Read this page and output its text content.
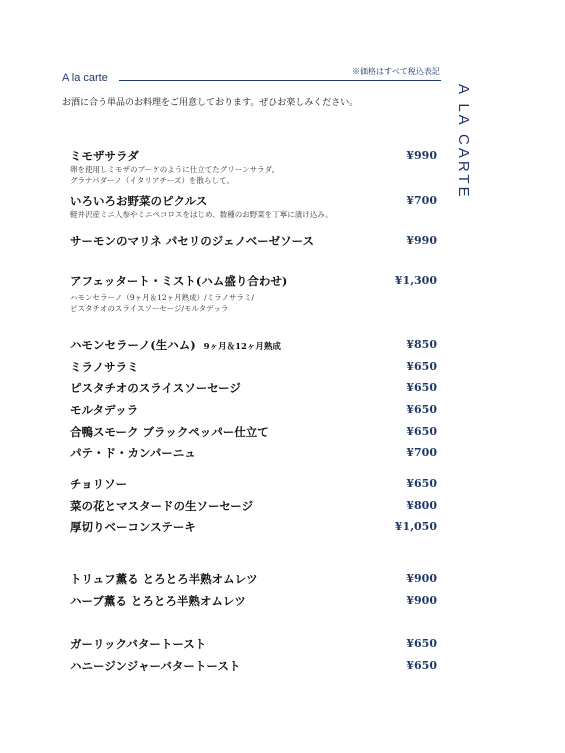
※価格はすべて税込表記
A la carte
お酒に合う単品のお料理をご用意しております。ぜひお楽しみください。	A LA CARTE
ミモザサラダ	¥990
卵を使用しミモザのブーケのように仕立てたグリーンサラダ。
グラナパダーノ（イタリアチーズ）を散らして。
いろいろお野菜のピクルス	¥700
軽井沢産ミニ人参やミニペコロスをはじめ、数種のお野菜を丁寧に漬け込み。
サーモンのマリネ パセリのジェノベーゼソース	¥990
アフェッタート・ミスト(ハム盛り合わせ)	¥1,300
ハモンセラーノ（9ヶ月＆12ヶ月熟成）/ミラノサラミ/
ピスタチオのスライスソーセージ/モルタデッラ
ハモンセラーノ(生ハム) 9ヶ月＆12ヶ月熟成	¥850
ミラノサラミ	¥650
ピスタチオのスライスソーセージ	¥650
モルタデッラ	¥650
合鴨スモーク ブラックペッパー仕立て	¥650
パテ・ド・カンパーニュ	¥700
チョリソー	¥650
菜の花とマスタードの生ソーセージ	¥800
厚切りベーコンステーキ	¥1,050
トリュフ薫る とろとろ半熟オムレツ	¥900
ハーブ薫る とろとろ半熟オムレツ	¥900
ガーリックバタートースト	¥650
ハニージンジャーバタートースト	¥650
